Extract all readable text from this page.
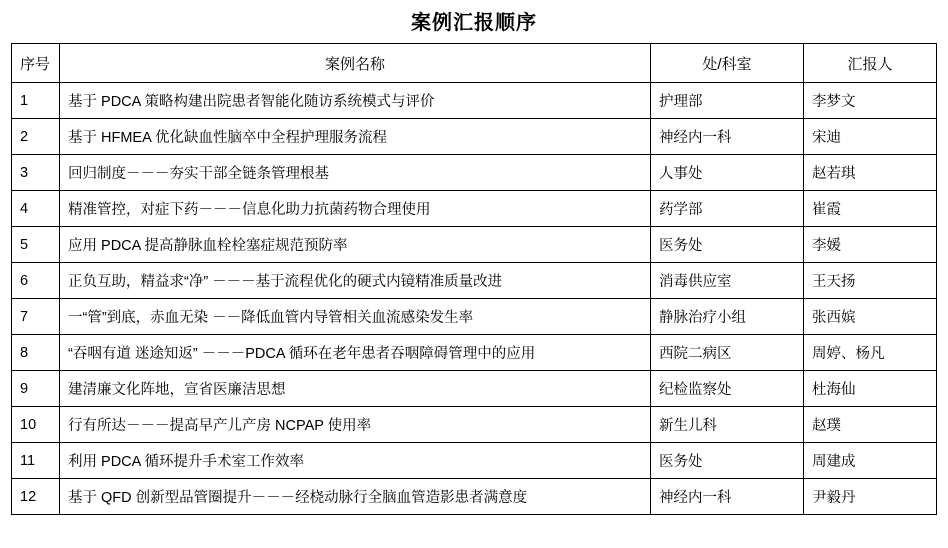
案例汇报顺序
序号	案例名称	处/科室	汇报人
1	基于 PDCA 策略构建出院患者智能化随访系统模式与评价	护理部	李梦文
2	基于 HFMEA 优化缺血性脑卒中全程护理服务流程	神经内一科	宋迪
3	回归制度－－－夯实干部全链条管理根基	人事处	赵若琪
4	精准管控，对症下药－－－信息化助力抗菌药物合理使用	药学部	崔霞
5	应用 PDCA 提高静脉血栓栓塞症规范预防率	医务处	李媛
6	正负互助，精益求“净” －－－基于流程优化的硬式内镜精准质量改进	消毒供应室	王天扬
7	一“管”到底，赤血无染 －－降低血管内导管相关血流感染发生率	静脉治疗小组	张西嫔
8	“吞咽有道 迷途知返” －－－PDCA 循环在老年患者吞咽障碍管理中的应用	西院二病区	周婷、杨凡
9	建清廉文化阵地，宣省医廉洁思想	纪检监察处	杜海仙
10	行有所达－－－提高早产儿产房 NCPAP 使用率	新生儿科	赵璞
11	利用 PDCA 循环提升手术室工作效率	医务处	周建成
12	基于 QFD 创新型品管圈提升－－－经桡动脉行全脑血管造影患者满意度	神经内一科	尹毅丹
